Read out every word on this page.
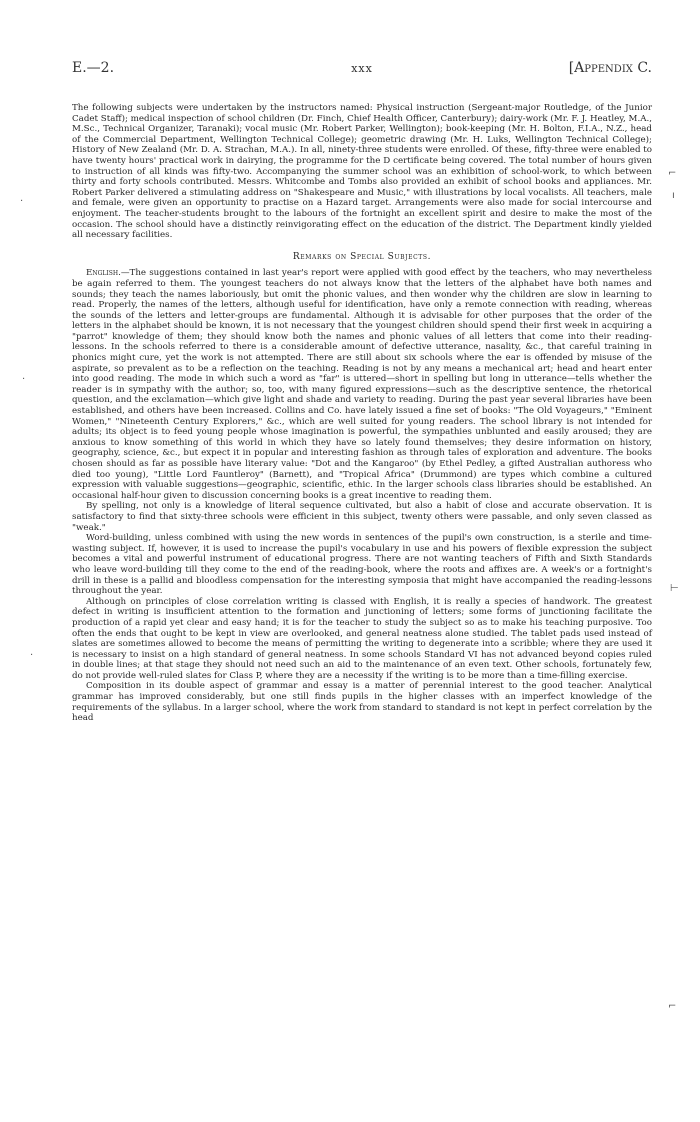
E.—2.	xxx	[Appendix C.

The following subjects were undertaken by the instructors named: Physical instruction (Sergeant-major Routledge, of the Junior Cadet Staff); medical inspection of school children (Dr. Finch, Chief Health Officer, Canterbury); dairy-work (Mr. F. J. Heatley, M.A., M.Sc., Technical Organizer, Taranaki); vocal music (Mr. Robert Parker, Wellington); book-keeping (Mr. H. Bolton, F.I.A., N.Z., head of the Commercial Department, Wellington Technical College); geometric drawing (Mr. H. Luks, Wellington Technical College); History of New Zealand (Mr. D. A. Strachan, M.A.). In all, ninety-three students were enrolled. Of these, fifty-three were enabled to have twenty hours' practical work in dairying, the programme for the D certificate being covered. The total number of hours given to instruction of all kinds was fifty-two. Accompanying the summer school was an exhibition of school-work, to which between thirty and forty schools contributed. Messrs. Whitcombe and Tombs also provided an exhibit of school books and appliances. Mr. Robert Parker delivered a stimulating address on "Shakespeare and Music," with illustrations by local vocalists. All teachers, male and female, were given an opportunity to practise on a Hazard target. Arrangements were also made for social intercourse and enjoyment. The teacher-students brought to the labours of the fortnight an excellent spirit and desire to make the most of the occasion. The school should have a distinctly reinvigorating effect on the education of the district. The Department kindly yielded all necessary facilities.

Remarks on Special Subjects.

English.—The suggestions contained in last year's report were applied with good effect by the teachers, who may nevertheless be again referred to them. The youngest teachers do not always know that the letters of the alphabet have both names and sounds; they teach the names laboriously, but omit the phonic values, and then wonder why the children are slow in learning to read. Properly, the names of the letters, although useful for identification, have only a remote connection with reading, whereas the sounds of the letters and letter-groups are fundamental. Although it is advisable for other purposes that the order of the letters in the alphabet should be known, it is not necessary that the youngest children should spend their first week in acquiring a "parrot" knowledge of them; they should know both the names and phonic values of all letters that come into their reading-lessons. In the schools referred to there is a considerable amount of defective utterance, nasality, &c., that careful training in phonics might cure, yet the work is not attempted. There are still about six schools where the ear is offended by misuse of the aspirate, so prevalent as to be a reflection on the teaching. Reading is not by any means a mechanical art; head and heart enter into good reading. The mode in which such a word as "far" is uttered—short in spelling but long in utterance—tells whether the reader is in sympathy with the author; so, too, with many figured expressions—such as the descriptive sentence, the rhetorical question, and the exclamation—which give light and shade and variety to reading. During the past year several libraries have been established, and others have been increased. Collins and Co. have lately issued a fine set of books: "The Old Voyageurs," "Eminent Women," "Nineteenth Century Explorers," &c., which are well suited for young readers. The school library is not intended for adults; its object is to feed young people whose imagination is powerful, the sympathies unblunted and easily aroused; they are anxious to know something of this world in which they have so lately found themselves; they desire information on history, geography, science, &c., but expect it in popular and interesting fashion as through tales of exploration and adventure. The books chosen should as far as possible have literary value: "Dot and the Kangaroo" (by Ethel Pedley, a gifted Australian authoress who died too young), "Little Lord Fauntleroy" (Barnett), and "Tropical Africa" (Drummond) are types which combine a cultured expression with valuable suggestions—geographic, scientific, ethic. In the larger schools class libraries should be established. An occasional half-hour given to discussion concerning books is a great incentive to reading them.

By spelling, not only is a knowledge of literal sequence cultivated, but also a habit of close and accurate observation. It is satisfactory to find that sixty-three schools were efficient in this subject, twenty others were passable, and only seven classed as "weak."

Word-building, unless combined with using the new words in sentences of the pupil's own construction, is a sterile and time-wasting subject. If, however, it is used to increase the pupil's vocabulary in use and his powers of flexible expression the subject becomes a vital and powerful instrument of educational progress. There are not wanting teachers of Fifth and Sixth Standards who leave word-building till they come to the end of the reading-book, where the roots and affixes are. A week's or a fortnight's drill in these is a pallid and bloodless compensation for the interesting symposia that might have accompanied the reading-lessons throughout the year.

Although on principles of close correlation writing is classed with English, it is really a species of handwork. The greatest defect in writing is insufficient attention to the formation and junctioning of letters; some forms of junctioning facilitate the production of a rapid yet clear and easy hand; it is for the teacher to study the subject so as to make his teaching purposive. Too often the ends that ought to be kept in view are overlooked, and general neatness alone studied. The tablet pads used instead of slates are sometimes allowed to become the means of permitting the writing to degenerate into a scribble; where they are used it is necessary to insist on a high standard of general neatness. In some schools Standard VI has not advanced beyond copies ruled in double lines; at that stage they should not need such an aid to the maintenance of an even text. Other schools, fortunately few, do not provide well-ruled slates for Class P, where they are a necessity if the writing is to be more than a time-filling exercise.

Composition in its double aspect of grammar and essay is a matter of perennial interest to the good teacher. Analytical grammar has improved considerably, but one still finds pupils in the higher classes with an imperfect knowledge of the requirements of the syllabus. In a larger school, where the work from standard to standard is not kept in perfect correlation by the head

⌐
ı
⊢
⌐
·
·
·
